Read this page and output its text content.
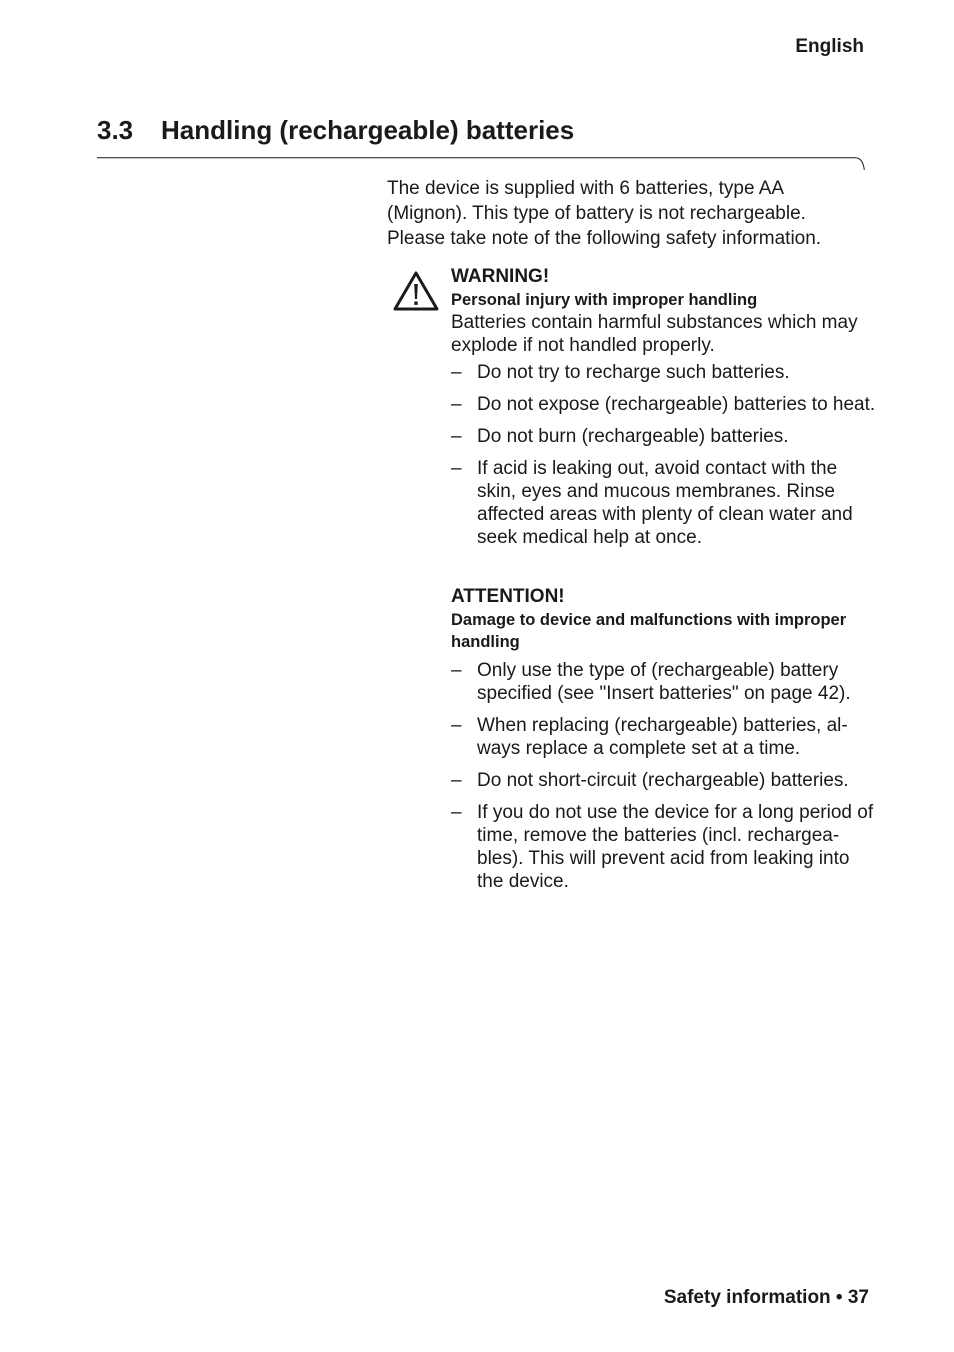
English
3.3 Handling (rechargeable) batteries

The device is supplied with 6 batteries, type AA (Mignon). This type of battery is not rechargeable. Please take note of the following safety information.

WARNING!

Personal injury with improper handling

Batteries contain harmful substances which may explode if not handled properly.

– Do not try to recharge such batteries.
– Do not expose (rechargeable) batteries to heat.
– Do not burn (rechargeable) batteries.
– If acid is leaking out, avoid contact with the skin, eyes and mucous membranes. Rinse affected areas with plenty of clean water and seek medical help at once.

ATTENTION!

Damage to device and malfunctions with improper handling

– Only use the type of (rechargeable) battery specified (see "Insert batteries" on page 42).
– When replacing (rechargeable) batteries, al-ways replace a complete set at a time.
– Do not short-circuit (rechargeable) batteries.
– If you do not use the device for a long period of time, remove the batteries (incl. rechargea-bles). This will prevent acid from leaking into the device.
Safety information • 37
